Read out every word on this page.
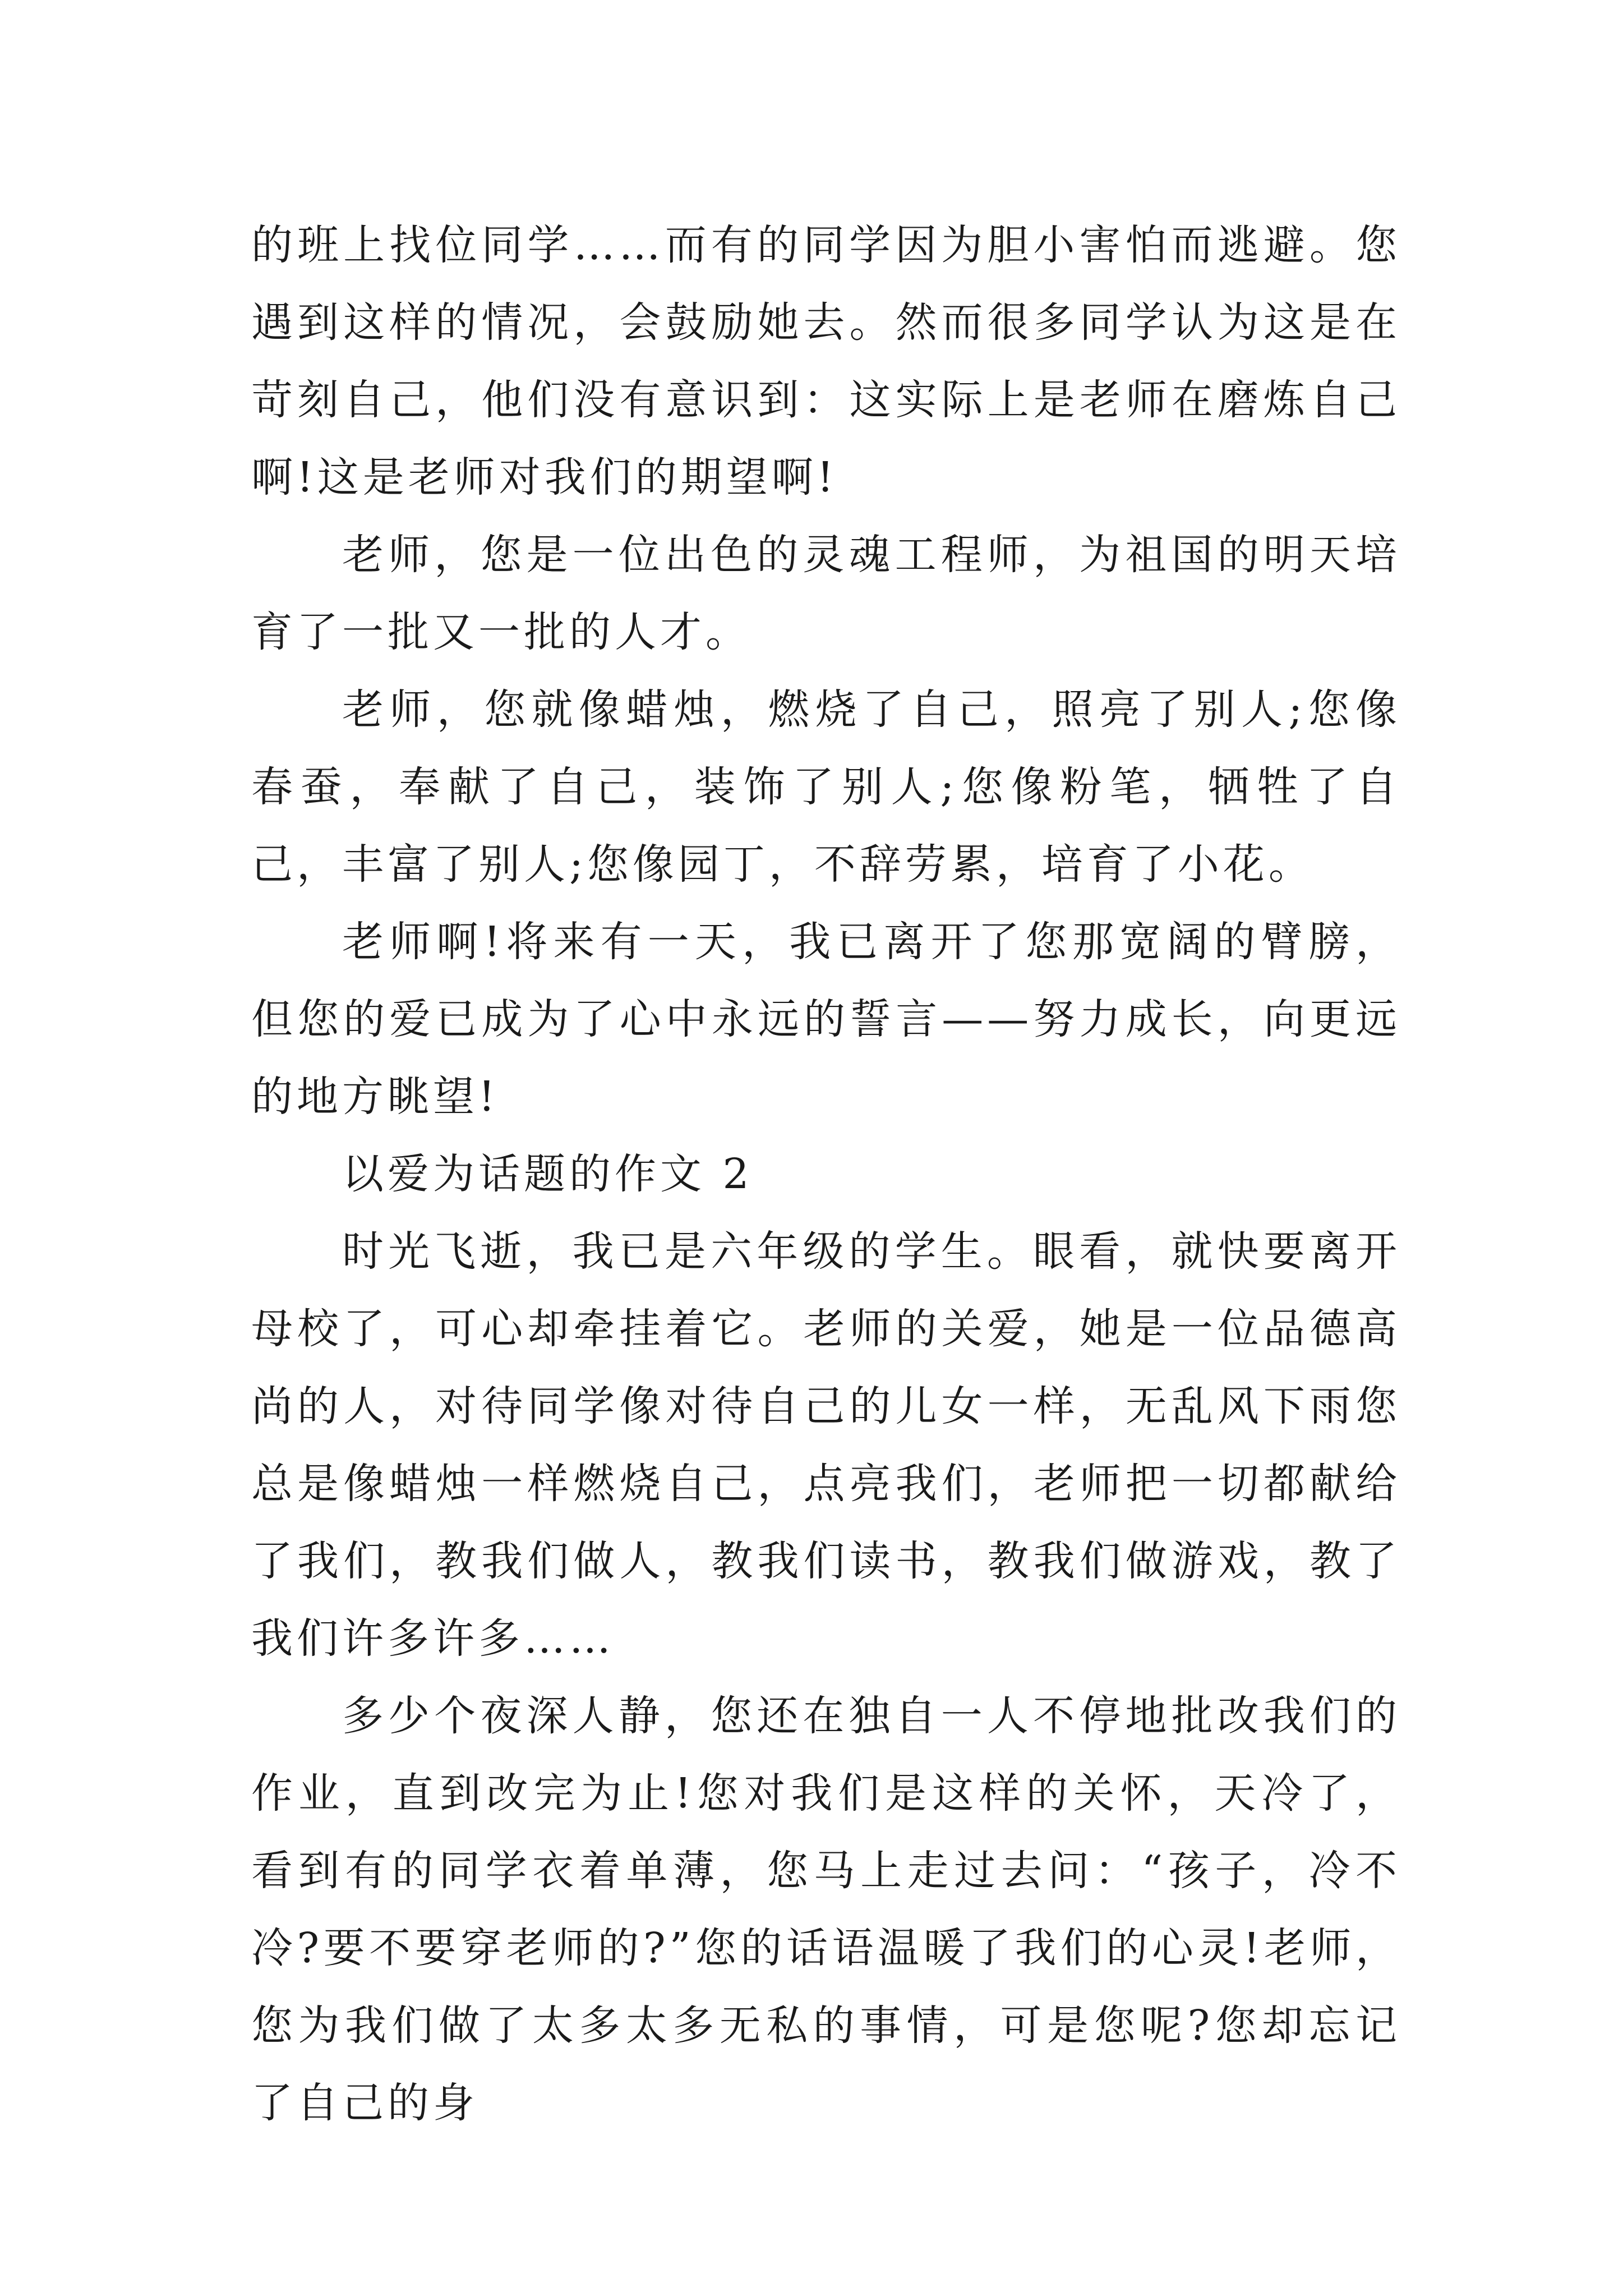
的班上找位同学……而有的同学因为胆小害怕而逃避。您遇到这样的情况，会鼓励她去。然而很多同学认为这是在苛刻自己，他们没有意识到：这实际上是老师在磨炼自己啊!这是老师对我们的期望啊!

老师，您是一位出色的灵魂工程师，为祖国的明天培育了一批又一批的人才。

老师，您就像蜡烛，燃烧了自己，照亮了别人;您像春蚕，奉献了自己，装饰了别人;您像粉笔，牺牲了自己，丰富了别人;您像园丁，不辞劳累，培育了小花。

老师啊!将来有一天，我已离开了您那宽阔的臂膀，但您的爱已成为了心中永远的誓言——努力成长，向更远的地方眺望!

以爱为话题的作文 2

时光飞逝，我已是六年级的学生。眼看，就快要离开母校了，可心却牵挂着它。老师的关爱，她是一位品德高尚的人，对待同学像对待自己的儿女一样，无乱风下雨您总是像蜡烛一样燃烧自己，点亮我们，老师把一切都献给了我们，教我们做人，教我们读书，教我们做游戏，教了我们许多许多……

多少个夜深人静，您还在独自一人不停地批改我们的作业，直到改完为止!您对我们是这样的关怀，天冷了，看到有的同学衣着单薄，您马上走过去问：“孩子，冷不冷?要不要穿老师的?”您的话语温暖了我们的心灵!老师，您为我们做了太多太多无私的事情，可是您呢?您却忘记了自己的身
